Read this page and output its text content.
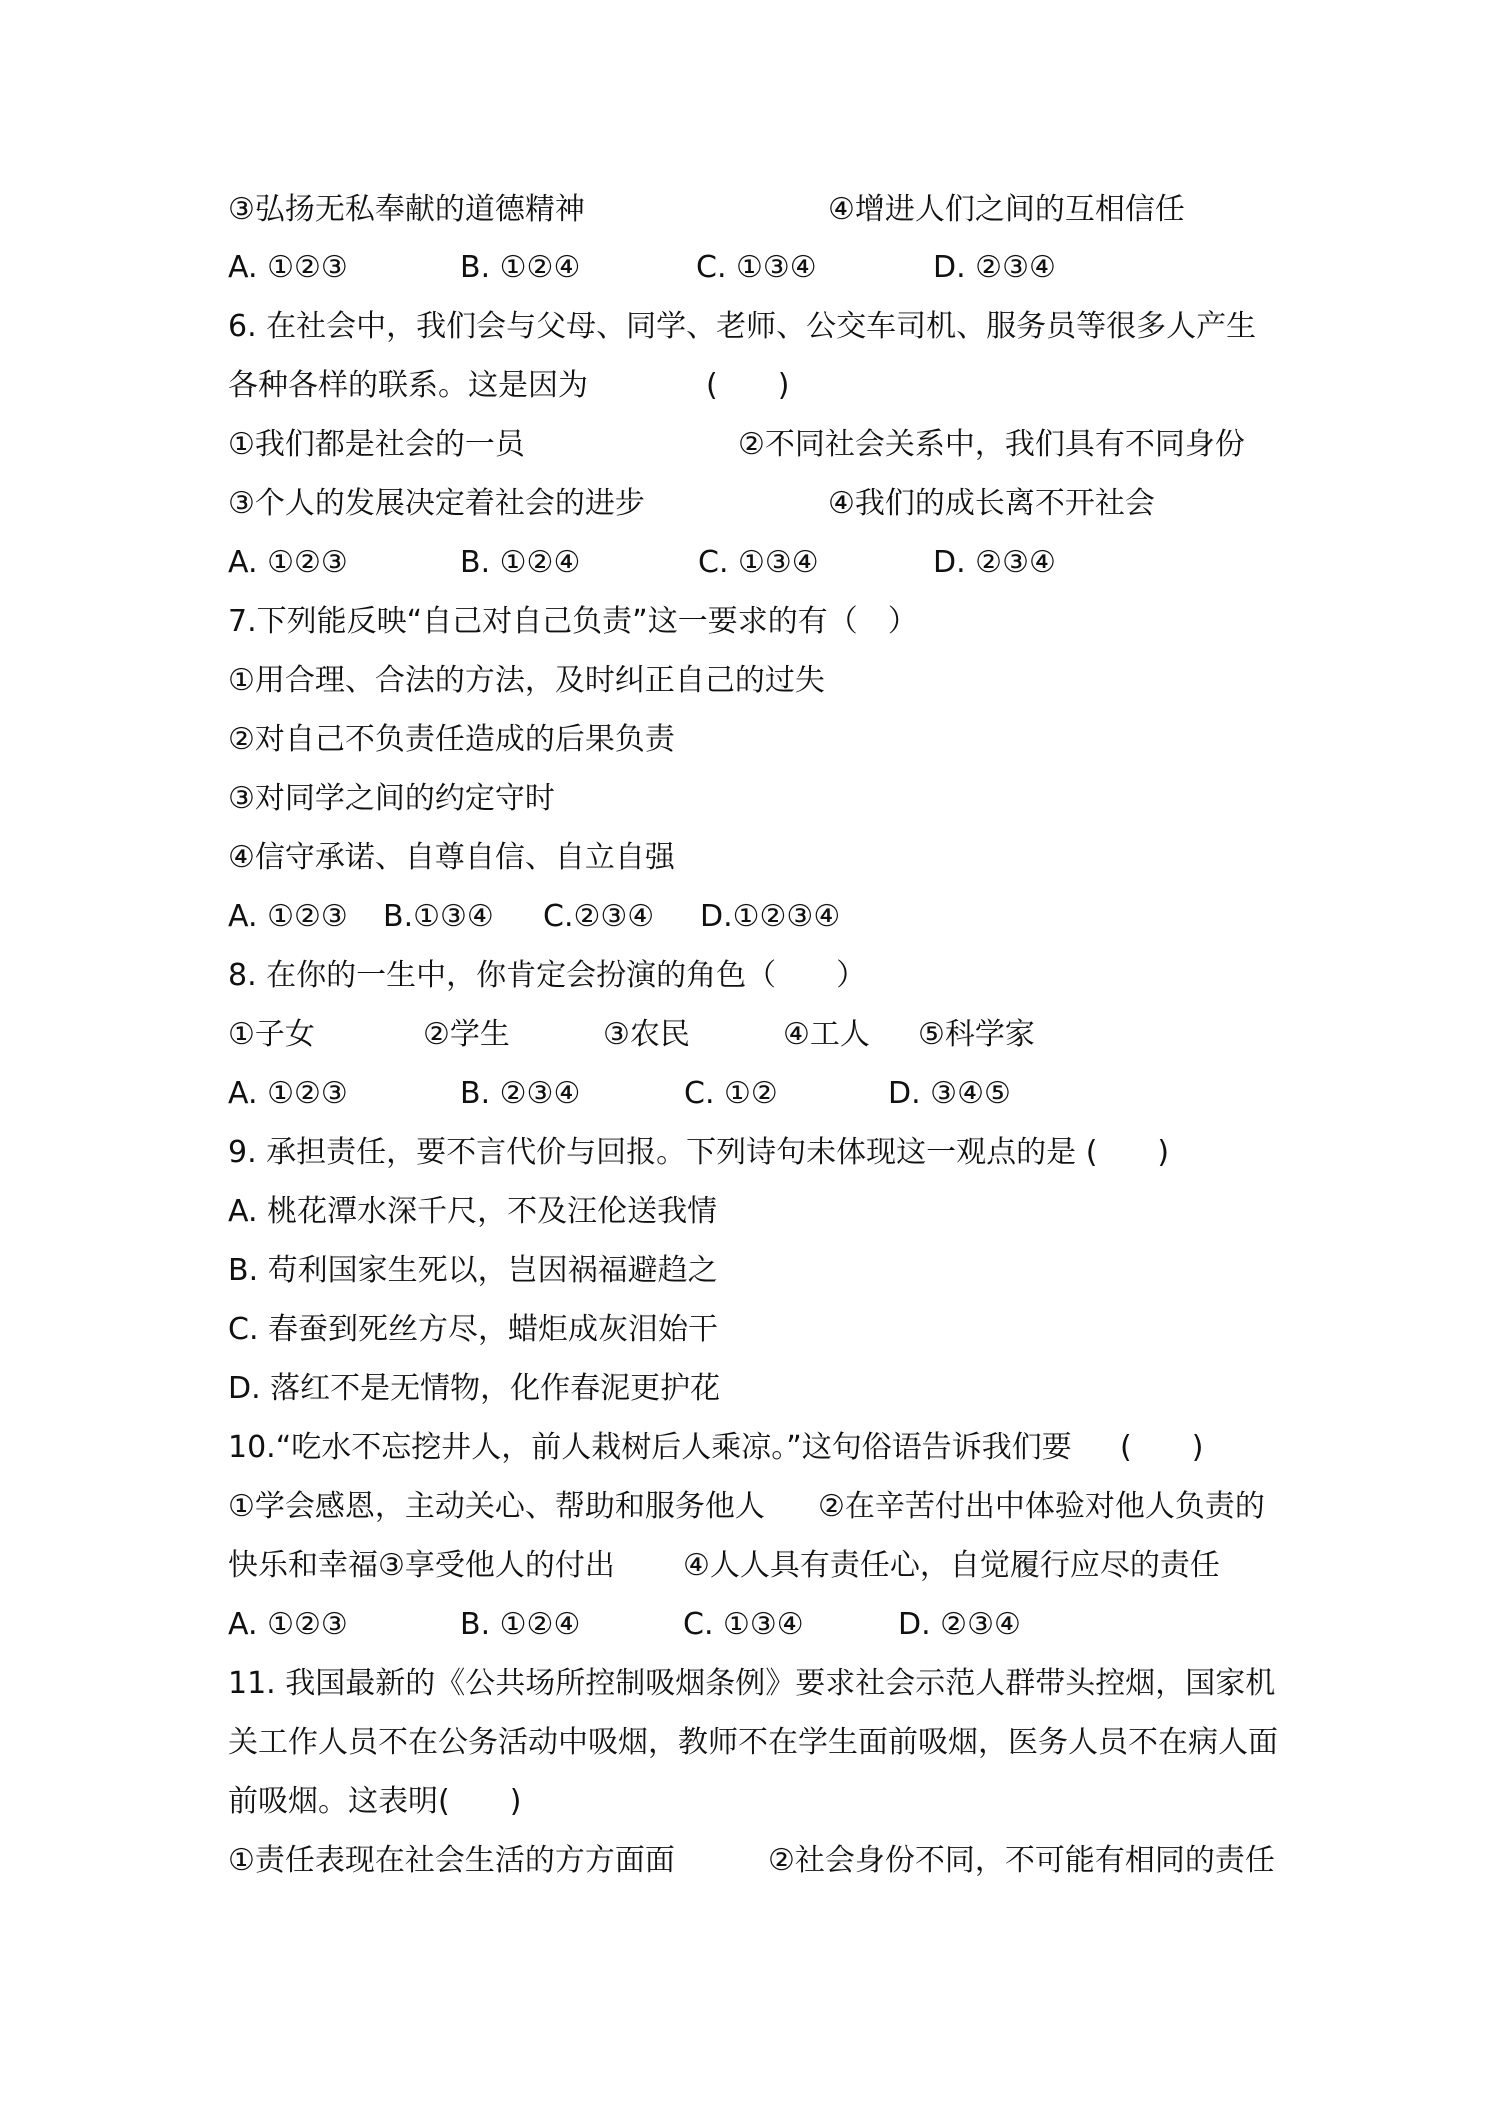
③弘扬无私奉献的道德精神	④增进人们之间的互相信任
A. ①②③	B. ①②④	C. ①③④	D. ②③④
6. 在社会中，我们会与父母、同学、老师、公交车司机、服务员等很多人产生
各种各样的联系。这是因为	(　　)
①我们都是社会的一员	②不同社会关系中，我们具有不同身份
③个人的发展决定着社会的进步	④我们的成长离不开社会
A. ①②③	B. ①②④	C. ①③④	D. ②③④
7.下列能反映“自己对自己负责”这一要求的有（　）
①用合理、合法的方法，及时纠正自己的过失
②对自己不负责任造成的后果负责
③对同学之间的约定守时
④信守承诺、自尊自信、自立自强
A. ①②③ B.①③④ C.②③④ D.①②③④
8. 在你的一生中，你肯定会扮演的角色（　　）
①子女	②学生	③农民	④工人 ⑤科学家
A. ①②③	B. ②③④	C. ①②	D. ③④⑤
9. 承担责任，要不言代价与回报。下列诗句未体现这一观点的是 (　　)
A. 桃花潭水深千尺，不及汪伦送我情
B. 苟利国家生死以，岂因祸福避趋之
C. 春蚕到死丝方尽，蜡炬成灰泪始干
D. 落红不是无情物，化作春泥更护花
10.“吃水不忘挖井人，前人栽树后人乘凉。”这句俗语告诉我们要 (　　)
①学会感恩，主动关心、帮助和服务他人 ②在辛苦付出中体验对他人负责的
快乐和幸福③享受他人的付出 ④人人具有责任心，自觉履行应尽的责任
A. ①②③	B. ①②④	C. ①③④	D. ②③④
11. 我国最新的《公共场所控制吸烟条例》要求社会示范人群带头控烟，国家机
关工作人员不在公务活动中吸烟，教师不在学生面前吸烟，医务人员不在病人面
前吸烟。这表明(　　)
①责任表现在社会生活的方方面面	②社会身份不同，不可能有相同的责任
